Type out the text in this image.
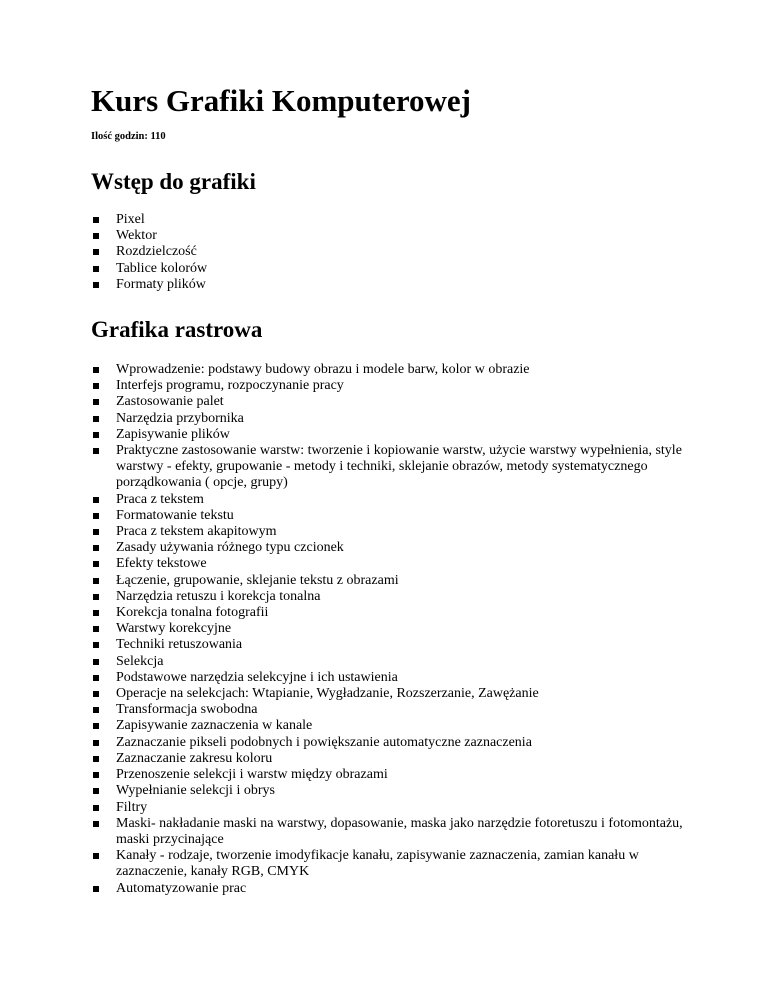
Kurs Grafiki Komputerowej

Ilość godzin: 110

Wstęp do grafiki
Pixel
Wektor
Rozdzielczość
Tablice kolorów
Formaty plików
Grafika rastrowa
Wprowadzenie: podstawy budowy obrazu i modele barw, kolor w obrazie
Interfejs programu, rozpoczynanie pracy
Zastosowanie palet
Narzędzia przybornika
Zapisywanie plików
Praktyczne zastosowanie warstw: tworzenie i kopiowanie warstw, użycie warstwy wypełnienia, style warstwy - efekty, grupowanie - metody i techniki, sklejanie obrazów, metody systematycznego porządkowania ( opcje, grupy)
Praca z tekstem
Formatowanie tekstu
Praca z tekstem akapitowym
Zasady używania różnego typu czcionek
Efekty tekstowe
Łączenie, grupowanie, sklejanie tekstu z obrazami
Narzędzia retuszu i korekcja tonalna
Korekcja tonalna fotografii
Warstwy korekcyjne
Techniki retuszowania
Selekcja
Podstawowe narzędzia selekcyjne i ich ustawienia
Operacje na selekcjach: Wtapianie, Wygładzanie, Rozszerzanie, Zawężanie
Transformacja swobodna
Zapisywanie zaznaczenia w kanale
Zaznaczanie pikseli podobnych i powiększanie automatyczne zaznaczenia
Zaznaczanie zakresu koloru
Przenoszenie selekcji i warstw między obrazami
Wypełnianie selekcji i obrys
Filtry
Maski- nakładanie maski na warstwy, dopasowanie, maska jako narzędzie fotoretuszu i fotomontażu, maski przycinające
Kanały - rodzaje, tworzenie imodyfikacje kanału, zapisywanie zaznaczenia, zamian kanału w zaznaczenie, kanały RGB, CMYK
Automatyzowanie prac
